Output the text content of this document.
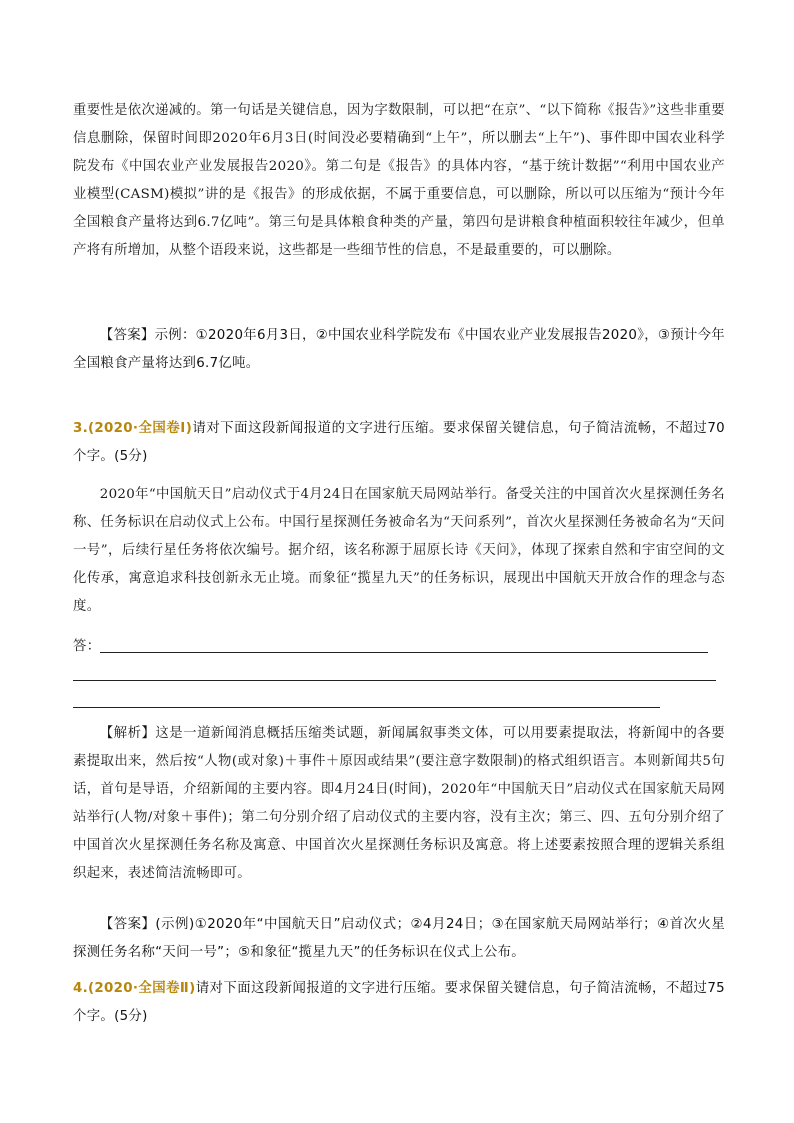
重要性是依次递减的。第一句话是关键信息，因为字数限制，可以把“在京”、“以下简称《报告》”这些非重要信息删除，保留时间即2020年6月3日(时间没必要精确到“上午”，所以删去“上午”)、事件即中国农业科学院发布《中国农业产业发展报告2020》。第二句是《报告》的具体内容，“基于统计数据”“利用中国农业产业模型(CASM)模拟”讲的是《报告》的形成依据，不属于重要信息，可以删除，所以可以压缩为“预计今年全国粮食产量将达到6.7亿吨”。第三句是具体粮食种类的产量，第四句是讲粮食种植面积较往年减少，但单产将有所增加，从整个语段来说，这些都是一些细节性的信息，不是最重要的，可以删除。
【答案】示例：①2020年6月3日，②中国农业科学院发布《中国农业产业发展报告2020》，③预计今年全国粮食产量将达到6.7亿吨。
3.(2020·全国卷Ⅰ)请对下面这段新闻报道的文字进行压缩。要求保留关键信息，句子简洁流畅，不超过70个字。(5分)
2020年“中国航天日”启动仪式于4月24日在国家航天局网站举行。备受关注的中国首次火星探测任务名称、任务标识在启动仪式上公布。中国行星探测任务被命名为“天问系列”，首次火星探测任务被命名为“天问一号”，后续行星任务将依次编号。据介绍，该名称源于屈原长诗《天问》，体现了探索自然和宇宙空间的文化传承，寓意追求科技创新永无止境。而象征“揽星九天”的任务标识，展现出中国航天开放合作的理念与态度。
答：
【解析】这是一道新闻消息概括压缩类试题，新闻属叙事类文体，可以用要素提取法，将新闻中的各要素提取出来，然后按“人物(或对象)＋事件＋原因或结果”(要注意字数限制)的格式组织语言。本则新闻共5句话，首句是导语，介绍新闻的主要内容。即4月24日(时间)，2020年“中国航天日”启动仪式在国家航天局网站举行(人物/对象＋事件)；第二句分别介绍了启动仪式的主要内容，没有主次；第三、四、五句分别介绍了中国首次火星探测任务名称及寓意、中国首次火星探测任务标识及寓意。将上述要素按照合理的逻辑关系组织起来，表述简洁流畅即可。
【答案】(示例)①2020年“中国航天日”启动仪式；②4月24日；③在国家航天局网站举行；④首次火星探测任务名称“天问一号”；⑤和象征“揽星九天”的任务标识在仪式上公布。
4.(2020·全国卷Ⅱ)请对下面这段新闻报道的文字进行压缩。要求保留关键信息，句子简洁流畅，不超过75个字。(5分)
